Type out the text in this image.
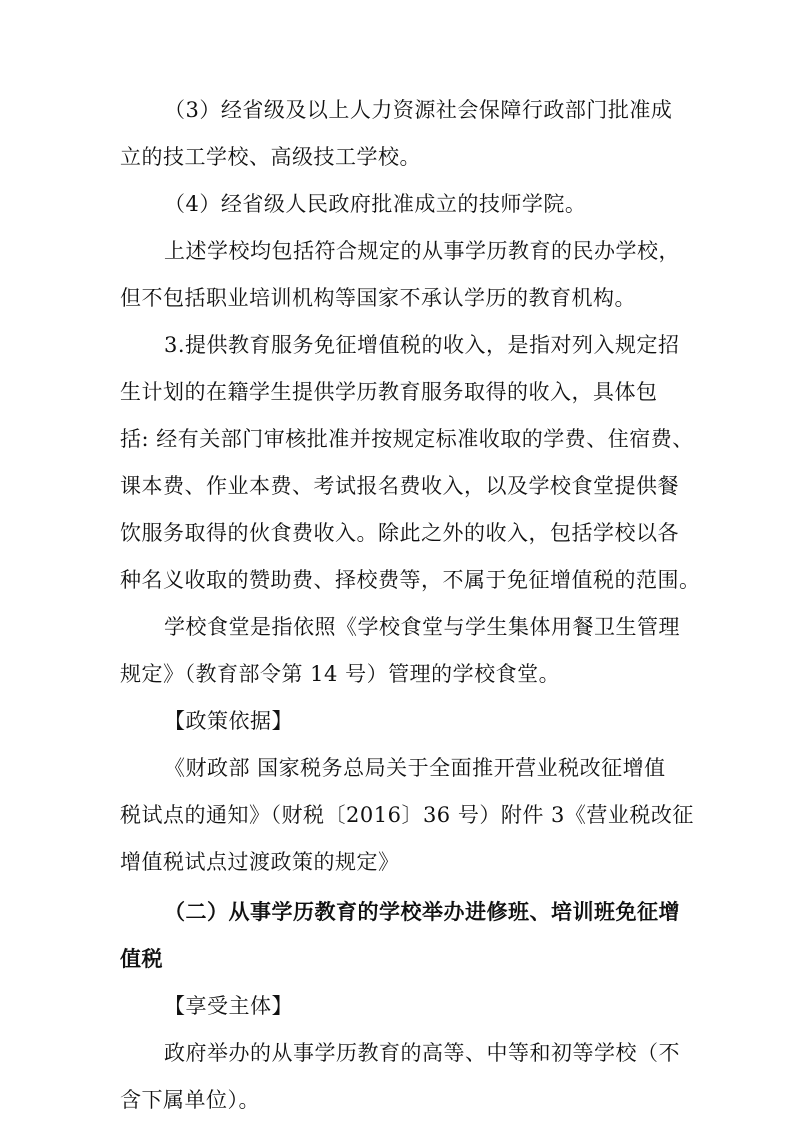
（3）经省级及以上人力资源社会保障行政部门批准成
立的技工学校、高级技工学校。
（4）经省级人民政府批准成立的技师学院。
上述学校均包括符合规定的从事学历教育的民办学校，
但不包括职业培训机构等国家不承认学历的教育机构。
3.提供教育服务免征增值税的收入，是指对列入规定招
生计划的在籍学生提供学历教育服务取得的收入，具体包
括: 经有关部门审核批准并按规定标准收取的学费、住宿费、
课本费、作业本费、考试报名费收入，以及学校食堂提供餐
饮服务取得的伙食费收入。除此之外的收入，包括学校以各
种名义收取的赞助费、择校费等，不属于免征增值税的范围。
学校食堂是指依照《学校食堂与学生集体用餐卫生管理
规定》（教育部令第 14 号）管理的学校食堂。
【政策依据】
《财政部 国家税务总局关于全面推开营业税改征增值
税试点的通知》（财税〔2016〕36 号）附件 3《营业税改征
增值税试点过渡政策的规定》
（二）从事学历教育的学校举办进修班、培训班免征增
值税
【享受主体】
政府举办的从事学历教育的高等、中等和初等学校（不
含下属单位）。
